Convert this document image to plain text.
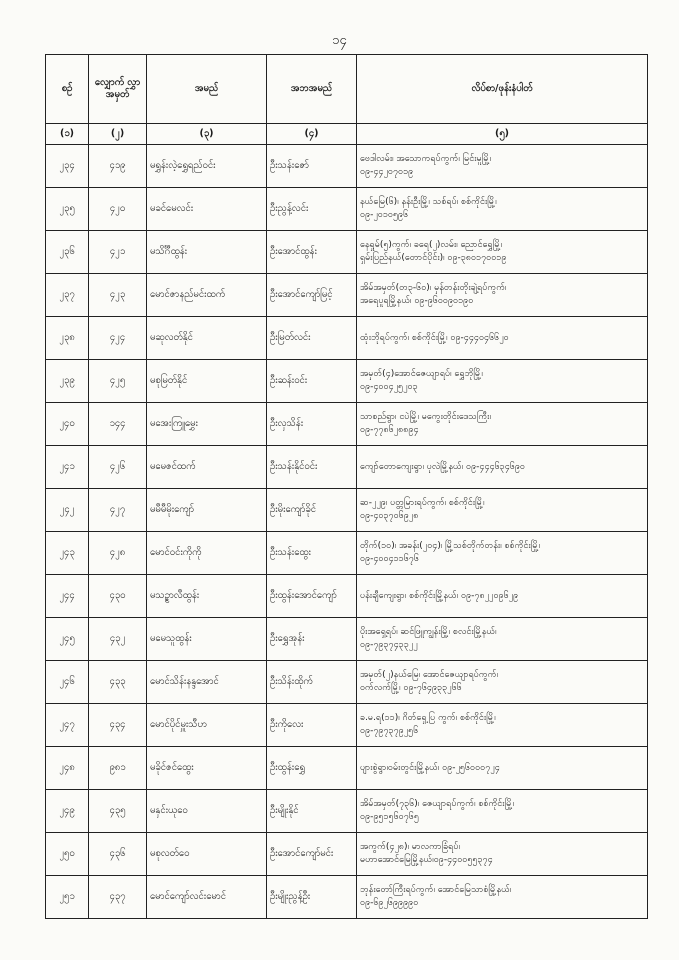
၁၄
စဥ်	လျှောက် လွှာ အမှတ်	အမည်	အဘအမည်	လိပ်စာ/ဖုန်းနံပါတ်
(၁)	(၂)	(၃)	(၄)	(၅)
၂၃၄	၄၁၉	မရွှန်းလဲ့ရွှေရည်ဝင်း	ဦးသန်းဇော်	ဗေဒါလမ်း၊ အသောကရပ်ကွက်၊ မြင်းမူမြို့၊
၀၉-၄၄၂၀၇၀၁၉

၂၃၅	၄၂၀	မခင်မေလင်း	ဦးညွန့်လင်း	နယ်မြေ(၆)၊ နန်းဦးမြို့၊ သစ်ရပ်၊ စစ်ကိုင်းမြို့၊
၀၉-၂၀၁၀၅၉၆

၂၃၆	၄၂၁	မသိင်္ဂီထွန်း	ဦးအောင်ထွန်း	နေရှုမ်(၅)ကွက်၊ ခရေ(၂)လမ်း၊ ညောင်ရွှေမြို့၊
ရှမ်းပြည်နယ်(တောင်ပိုင်း)၊ ၀၉-၃၈၀၁၇၀၀၁၉

၂၃၇	၄၂၃	မောင်ဇာနည်မင်းထက်	ဦးအောင်ကျော်မြင့်	အိမ်အမှတ်(တ၃-၆၀)၊ မှန်တန်းတိုးချဲ့ရပ်ကွက်၊
အရေပူရမြို့နယ်၊ ၀၉-၉၆၀၀၉၀၁၉၀

၂၃၈	၄၂၄	မဆုလတ်နိုင်	ဦးမြတ်လင်း	ထုံးဘိုရပ်ကွက်၊ စစ်ကိုင်းမြို့၊ ၀၉-၄၄၄၀၄၆၆၂၀

၂၃၉	၄၂၅	မစုမြတ်နိုင်	ဦးဆန်းဝင်း	အမှတ်(၄)အောင်ဇေယျာရပ်၊ ရွှေဘိုမြို့၊
၀၉-၄၀၀၄၂၅၂၀၃

၂၄၀	၁၄၄	မအေးကြူမွှေး	ဦးလှသိန်း	သာစည်ရွာ၊ ငပဲမြို့၊ မကွေးတိုင်းဒေသကြီး၊
၀၉-၇၇၈၆၂၈၈၉၄

၂၄၁	၄၂၆	မမေဇင်ထက်	ဦးသန်းနိုင်ဝင်း	ကျော်တောကျေးရွာ၊ ပုလဲမြို့နယ်၊ ၀၉-၄၄၄၆၃၄၆၉၀

၂၄၂	၄၂၇	မမီမီမိုးကျော်	ဦးမိုးကျော်ခိုင်	ဆ-၂၂၉၊ ပတ္တမြားရပ်ကွက်၊ စစ်ကိုင်းမြို့၊
၀၉-၄၀၃၇၀၆၉၂၈

၂၄၃	၄၂၈	မောင်ဝင်းကိုကို	ဦးသန်းထွေး	တိုက်(၁၀)၊ အခန်း(၂၀၄)၊ မြို့သစ်တိုက်တန်း၊ စစ်ကိုင်းမြို့၊
၀၉-၄၀၀၄၁၁၆၇၆

၂၄၄	၄၃၀	မသဥ္စာလီထွန်း	ဦးထွန်းအောင်ကျော်	ပန်းချီကျေးရွာ၊ စစ်ကိုင်းမြို့နယ်၊ ၀၉-၇၈၂၂၀၉၆၂၉

၂၄၅	၄၃၂	မမေသူထွန်း	ဦးရွှေအုန်း	ပိုးအရှေ့ရပ်၊ ဆင်ဖြူကျွန်းမြို့၊ စလင်းမြို့နယ်၊
၀၉-၇၉၃၇၄၃၃၂၂

၂၄၆	၄၃၃	မောင်သိန်းနန္ဒအောင်	ဦးသိန်းထိုက်	အမှတ်(၂)နယ်မြေ၊ အောင်ဇေယျာရပ်ကွက်၊
ဝက်လက်မြို့၊ ၀၉-၇၆၄၉၃၃၂၆၆

၂၄၇	၄၃၄	မောင်ပိုင်မှူးသီဟ	ဦးကိုလေး	ခ.မ.ရ(၁၁)၊ ဂိတ်ရှေ့ပြ ကွက်၊ စစ်ကိုင်းမြို့၊
၀၉-၇၉၇၃၇၉၂၅၆

၂၄၈	၉၈၁	မခိုင်ဇင်ထွေး	ဦးထွန်းရွှေ	ပျားစွဲရွာ၊ဝမ်းတွင်းမြို့နယ်၊ ၀၉-၂၅၆၀၀၀၇၂၄

၂၄၉	၄၃၅	မနှင်းယုဝေ	ဦးမျိုးနိုင်	အိမ်အမှတ်(၇၃၆)၊ ဇေယျာရပ်ကွက်၊ စစ်ကိုင်းမြို့၊
၀၉-၉၅၁၅၆၀၇၆၅

၂၅၀	၄၃၆	မစုလတ်ဝေ	ဦးအောင်ကျော်မင်း	အကွက်(၄၂၈)၊ မာလကာခြံရပ်၊
မဟာအောင်မြေမြို့နယ်၊၀၉-၄၄၀၀၅၅၃၇၄

၂၅၁	၄၃၇	မောင်ကျော်လင်းမောင်	ဦးမျိုးညွန့်ဦး	ဘုန်းတော်ကြီးရပ်ကွက်၊ အောင်မြေသာစံမြို့နယ်၊
၀၉-၆၉၂၆၉၉၉၉၀
